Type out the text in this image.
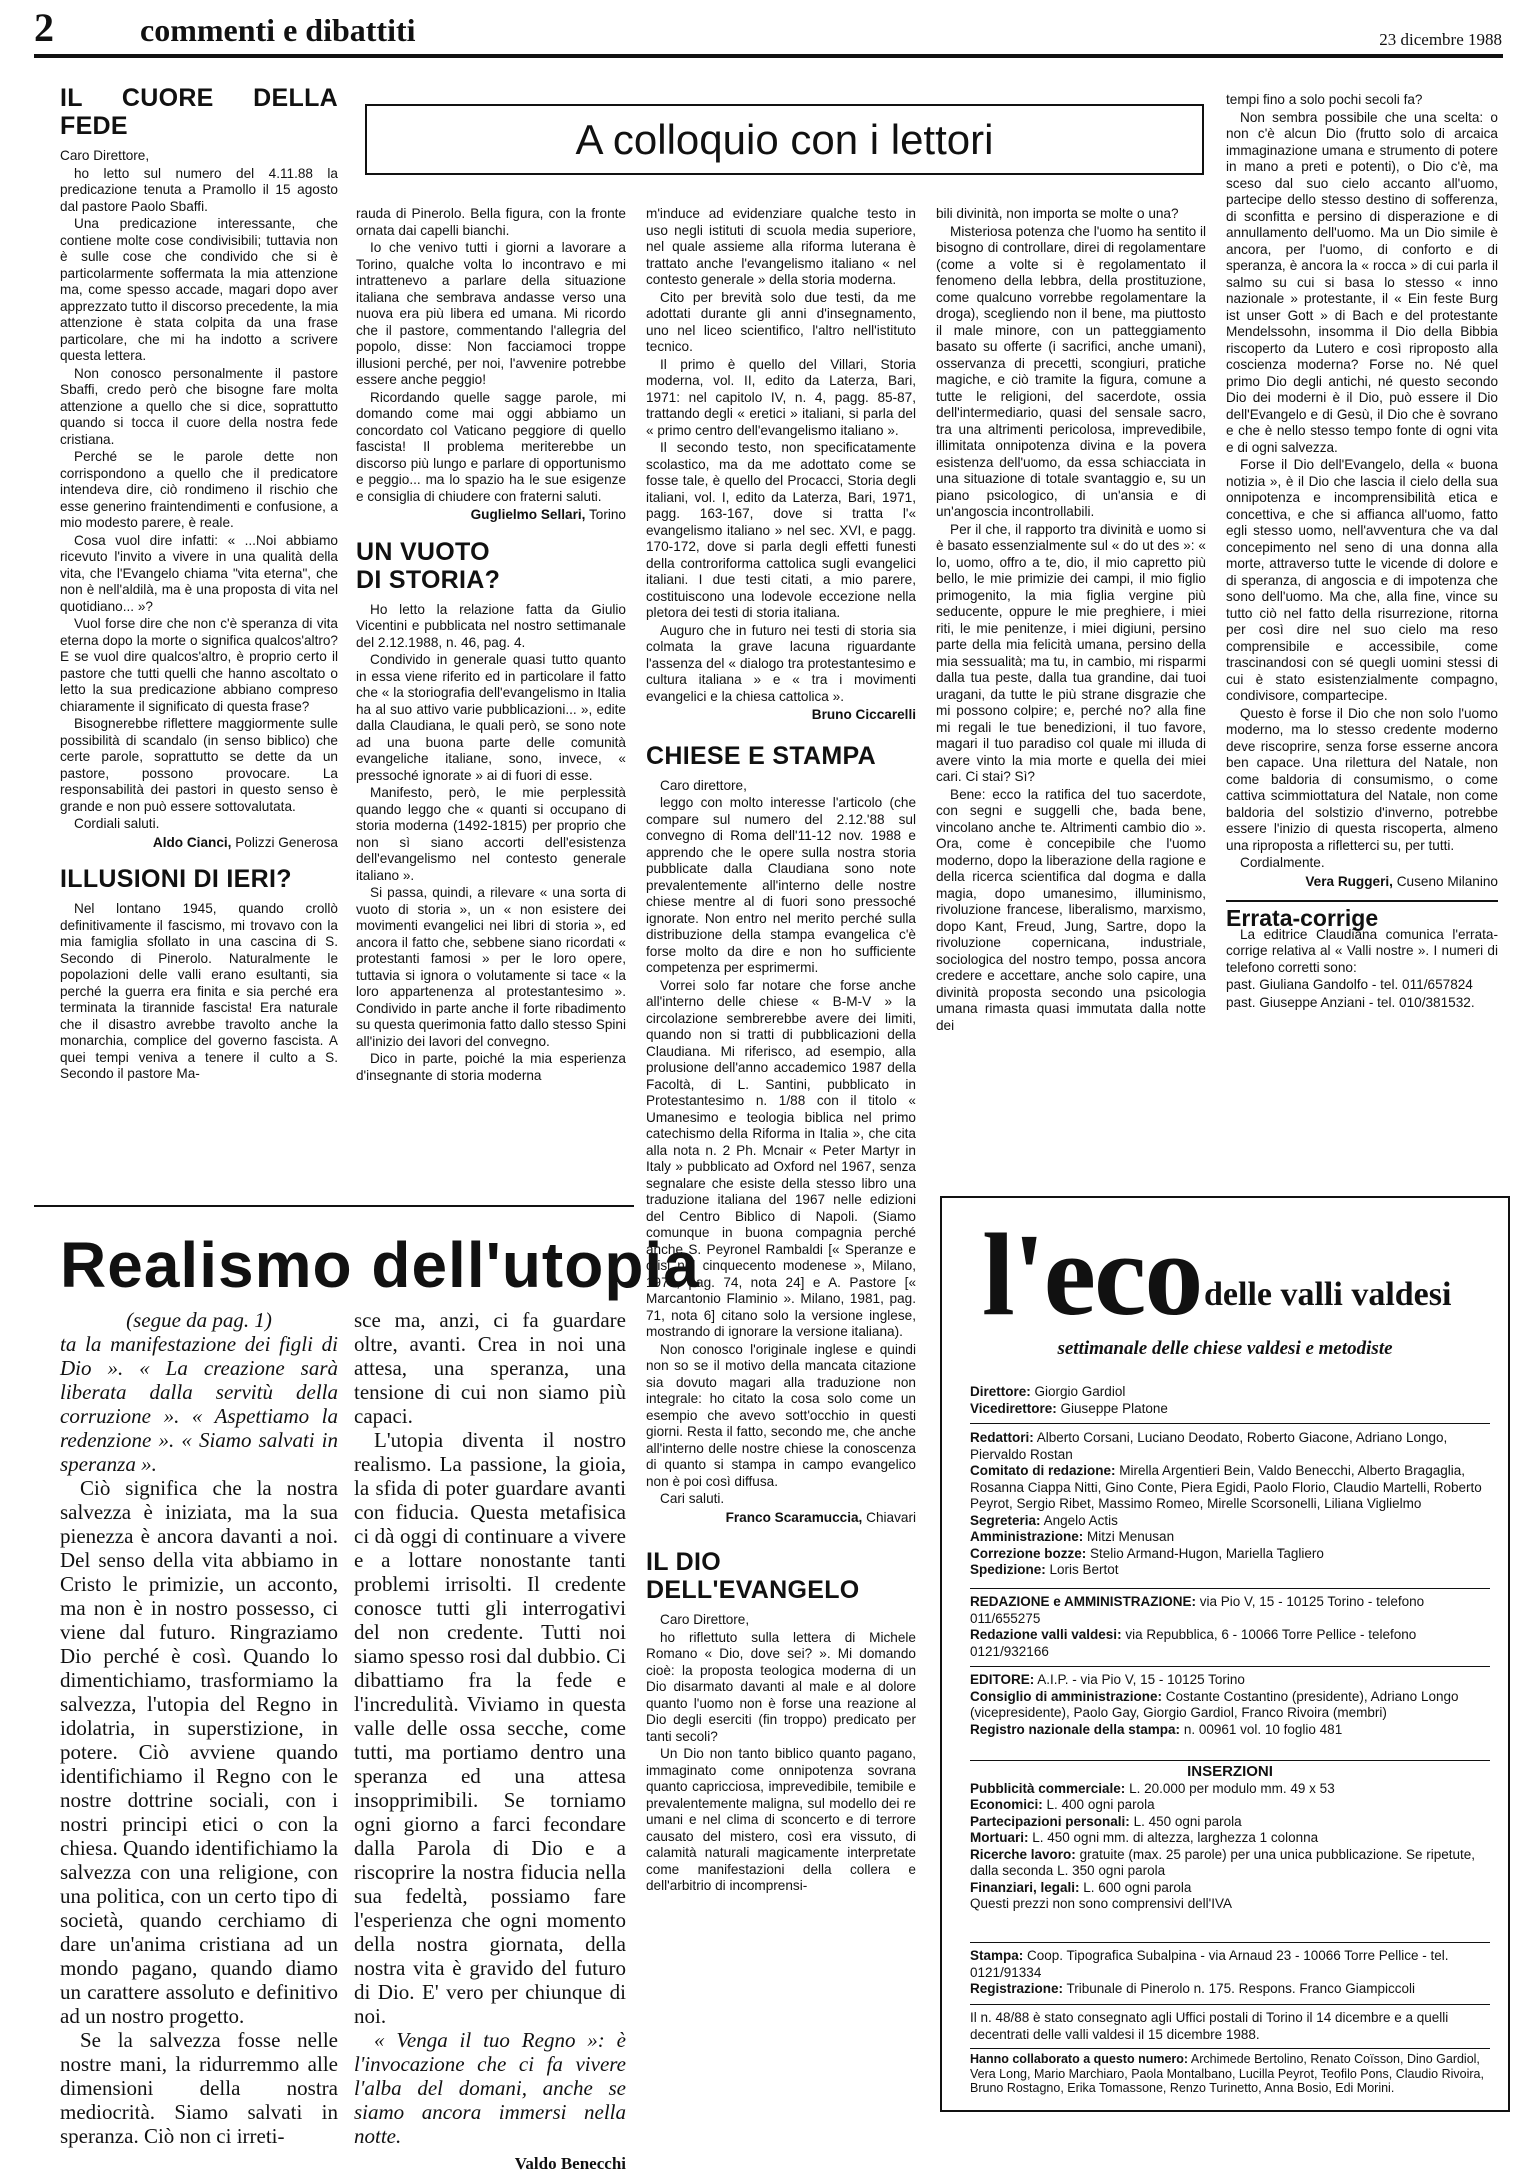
2	commenti e dibattiti	23 dicembre 1988
A colloquio con i lettori
IL CUORE DELLA FEDE

Caro Direttore,

ho letto sul numero del 4.11.88 la predicazione tenuta a Pramollo il 15 agosto dal pastore Paolo Sbaffi.

Una predicazione interessante, che contiene molte cose condivisibili; tuttavia non è sulle cose che condivido che si è particolarmente soffermata la mia attenzione ma, come spesso accade, magari dopo aver apprezzato tutto il discorso precedente, la mia attenzione è stata colpita da una frase particolare, che mi ha indotto a scrivere questa lettera.

Non conosco personalmente il pastore Sbaffi, credo però che bisogne fare molta attenzione a quello che si dice, soprattutto quando si tocca il cuore della nostra fede cristiana.

Perché se le parole dette non corrispondono a quello che il predicatore intendeva dire, ciò rondimeno il rischio che esse generino fraintendimenti e confusione, a mio modesto parere, è reale.

Cosa vuol dire infatti: « ...Noi abbiamo ricevuto l'invito a vivere in una qualità della vita, che l'Evangelo chiama "vita eterna", che non è nell'aldilà, ma è una proposta di vita nel quotidiano... »?

Vuol forse dire che non c'è speranza di vita eterna dopo la morte o significa qualcos'altro? E se vuol dire qualcos'altro, è proprio certo il pastore che tutti quelli che hanno ascoltato o letto la sua predicazione abbiano compreso chiaramente il significato di questa frase?

Bisognerebbe riflettere maggiormente sulle possibilità di scandalo (in senso biblico) che certe parole, soprattutto se dette da un pastore, possono provocare. La responsabilità dei pastori in questo senso è grande e non può essere sottovalutata.

Cordiali saluti.

Aldo Cianci, Polizzi Generosa

ILLUSIONI DI IERI?

Nel lontano 1945, quando crollò definitivamente il fascismo, mi trovavo con la mia famiglia sfollato in una cascina di S. Secondo di Pinerolo. Naturalmente le popolazioni delle valli erano esultanti, sia perché la guerra era finita e sia perché era terminata la tirannide fascista! Era naturale che il disastro avrebbe travolto anche la monarchia, complice del governo fascista. A quei tempi veniva a tenere il culto a S. Secondo il pastore Ma-

rauda di Pinerolo. Bella figura, con la fronte ornata dai capelli bianchi.

Io che venivo tutti i giorni a lavorare a Torino, qualche volta lo incontravo e mi intrattenevo a parlare della situazione italiana che sembrava andasse verso una nuova era più libera ed umana. Mi ricordo che il pastore, commentando l'allegria del popolo, disse: Non facciamoci troppe illusioni perché, per noi, l'avvenire potrebbe essere anche peggio!

Ricordando quelle sagge parole, mi domando come mai oggi abbiamo un concordato col Vaticano peggiore di quello fascista! Il problema meriterebbe un discorso più lungo e parlare di opportunismo e peggio... ma lo spazio ha le sue esigenze e consiglia di chiudere con fraterni saluti.

Guglielmo Sellari, Torino

UN VUOTO
DI STORIA?

Ho letto la relazione fatta da Giulio Vicentini e pubblicata nel nostro settimanale del 2.12.1988, n. 46, pag. 4.

Condivido in generale quasi tutto quanto in essa viene riferito ed in particolare il fatto che « la storiografia dell'evangelismo in Italia ha al suo attivo varie pubblicazioni... », edite dalla Claudiana, le quali però, se sono note ad una buona parte delle comunità evangeliche italiane, sono, invece, « pressoché ignorate » ai di fuori di esse.

Manifesto, però, le mie perplessità quando leggo che « quanti si occupano di storia moderna (1492-1815) per proprio che non sì siano accorti dell'esistenza dell'evangelismo nel contesto generale italiano ».

Si passa, quindi, a rilevare « una sorta di vuoto di storia », un « non esistere dei movimenti evangelici nei libri di storia », ed ancora il fatto che, sebbene siano ricordati « protestanti famosi » per le loro opere, tuttavia si ignora o volutamente si tace « la loro appartenenza al protestantesimo ». Condivido in parte anche il forte ribadimento su questa querimonia fatto dallo stesso Spini all'inizio dei lavori del convegno.

Dico in parte, poiché la mia esperienza d'insegnante di storia moderna

m'induce ad evidenziare qualche testo in uso negli istituti di scuola media superiore, nel quale assieme alla riforma luterana è trattato anche l'evangelismo italiano « nel contesto generale » della storia moderna.

Cito per brevità solo due testi, da me adottati durante gli anni d'insegnamento, uno nel liceo scientifico, l'altro nell'istituto tecnico.

Il primo è quello del Villari, Storia moderna, vol. II, edito da Laterza, Bari, 1971: nel capitolo IV, n. 4, pagg. 85-87, trattando degli « eretici » italiani, si parla del « primo centro dell'evangelismo italiano ».

Il secondo testo, non specificatamente scolastico, ma da me adottato come se fosse tale, è quello del Procacci, Storia degli italiani, vol. I, edito da Laterza, Bari, 1971, pagg. 163-167, dove si tratta l'« evangelismo italiano » nel sec. XVI, e pagg. 170-172, dove si parla degli effetti funesti della controriforma cattolica sugli evangelici italiani. I due testi citati, a mio parere, costituiscono una lodevole eccezione nella pletora dei testi di storia italiana.

Auguro che in futuro nei testi di storia sia colmata la grave lacuna riguardante l'assenza del « dialogo tra protestantesimo e cultura italiana » e « tra i movimenti evangelici e la chiesa cattolica ».

Bruno Ciccarelli

CHIESE E STAMPA

Caro direttore,

leggo con molto interesse l'articolo (che compare sul numero del 2.12.'88 sul convegno di Roma dell'11-12 nov. 1988 e apprendo che le opere sulla nostra storia pubblicate dalla Claudiana sono note prevalentemente all'interno delle nostre chiese mentre al di fuori sono pressoché ignorate. Non entro nel merito perché sulla distribuzione della stampa evangelica c'è forse molto da dire e non ho sufficiente competenza per esprimermi.

Vorrei solo far notare che forse anche all'interno delle chiese « B-M-V » la circolazione sembrerebbe avere dei limiti, quando non si tratti di pubblicazioni della Claudiana. Mi riferisco, ad esempio, alla prolusione dell'anno accademico 1987 della Facoltà, di L. Santini, pubblicato in Protestantesimo n. 1/88 con il titolo « Umanesimo e teologia biblica nel primo catechismo della Riforma in Italia », che cita alla nota n. 2 Ph. Mcnair « Peter Martyr in Italy » pubblicato ad Oxford nel 1967, senza segnalare che esiste della stesso libro una traduzione italiana del 1967 nelle edizioni del Centro Biblico di Napoli. (Siamo comunque in buona compagnia perché anche S. Peyronel Rambaldi [« Speranze e crisi nel cinquecento modenese », Milano, 1979, pag. 74, nota 24] e A. Pastore [« Marcantonio Flaminio ». Milano, 1981, pag. 71, nota 6] citano solo la versione inglese, mostrando di ignorare la versione italiana).

Non conosco l'originale inglese e quindi non so se il motivo della mancata citazione sia dovuto magari alla traduzione non integrale: ho citato la cosa solo come un esempio che avevo sott'occhio in questi giorni. Resta il fatto, secondo me, che anche all'interno delle nostre chiese la conoscenza di quanto si stampa in campo evangelico non è poi così diffusa.

Cari saluti.

Franco Scaramuccia, Chiavari

IL DIO
DELL'EVANGELO

Caro Direttore,

ho riflettuto sulla lettera di Michele Romano « Dio, dove sei? ». Mi domando cioè: la proposta teologica moderna di un Dio disarmato davanti al male e al dolore quanto l'uomo non è forse una reazione al Dio degli eserciti (fin troppo) predicato per tanti secoli?

Un Dio non tanto biblico quanto pagano, immaginato come onnipotenza sovrana quanto capricciosa, imprevedibile, temibile e prevalentemente maligna, sul modello dei re umani e nel clima di sconcerto e di terrore causato del mistero, così era vissuto, di calamità naturali magicamente interpretate come manifestazioni della collera e dell'arbitrio di incomprensi-

bili divinità, non importa se molte o una?

Misteriosa potenza che l'uomo ha sentito il bisogno di controllare, direi di regolamentare (come a volte si è regolamentato il fenomeno della lebbra, della prostituzione, come qualcuno vorrebbe regolamentare la droga), scegliendo non il bene, ma piuttosto il male minore, con un patteggiamento basato su offerte (i sacrifici, anche umani), osservanza di precetti, scongiuri, pratiche magiche, e ciò tramite la figura, comune a tutte le religioni, del sacerdote, ossia dell'intermediario, quasi del sensale sacro, tra una altrimenti pericolosa, imprevedibile, illimitata onnipotenza divina e la povera esistenza dell'uomo, da essa schiacciata in una situazione di totale svantaggio e, su un piano psicologico, di un'ansia e di un'angoscia incontrollabili.

Per il che, il rapporto tra divinità e uomo si è basato essenzialmente sul « do ut des »: « lo, uomo, offro a te, dio, il mio capretto più bello, le mie primizie dei campi, il mio figlio primogenito, la mia figlia vergine più seducente, oppure le mie preghiere, i miei riti, le mie penitenze, i miei digiuni, persino parte della mia felicità umana, persino della mia sessualità; ma tu, in cambio, mi risparmi dalla tua peste, dalla tua grandine, dai tuoi uragani, da tutte le più strane disgrazie che mi possono colpire; e, perché no? alla fine mi regali le tue benedizioni, il tuo favore, magari il tuo paradiso col quale mi illuda di avere vinto la mia morte e quella dei miei cari. Ci stai? Sì?

Bene: ecco la ratifica del tuo sacerdote, con segni e suggelli che, bada bene, vincolano anche te. Altrimenti cambio dio ». Ora, come è concepibile che l'uomo moderno, dopo la liberazione della ragione e della ricerca scientifica dal dogma e dalla magia, dopo umanesimo, illuminismo, rivoluzione francese, liberalismo, marxismo, dopo Kant, Freud, Jung, Sartre, dopo la rivoluzione copernicana, industriale, sociologica del nostro tempo, possa ancora credere e accettare, anche solo capire, una divinità proposta secondo una psicologia umana rimasta quasi immutata dalla notte dei

tempi fino a solo pochi secoli fa?

Non sembra possibile che una scelta: o non c'è alcun Dio (frutto solo di arcaica immaginazione umana e strumento di potere in mano a preti e potenti), o Dio c'è, ma sceso dal suo cielo accanto all'uomo, partecipe dello stesso destino di sofferenza, di sconfitta e persino di disperazione e di annullamento dell'uomo. Ma un Dio simile è ancora, per l'uomo, di conforto e di speranza, è ancora la « rocca » di cui parla il salmo su cui si basa lo stesso « inno nazionale » protestante, il « Ein feste Burg ist unser Gott » di Bach e del protestante Mendelssohn, insomma il Dio della Bibbia riscoperto da Lutero e così riproposto alla coscienza moderna? Forse no. Né quel primo Dio degli antichi, né questo secondo Dio dei moderni è il Dio, può essere il Dio dell'Evangelo e di Gesù, il Dio che è sovrano e che è nello stesso tempo fonte di ogni vita e di ogni salvezza.

Forse il Dio dell'Evangelo, della « buona notizia », è il Dio che lascia il cielo della sua onnipotenza e incomprensibilità etica e concettiva, e che si affianca all'uomo, fatto egli stesso uomo, nell'avventura che va dal concepimento nel seno di una donna alla morte, attraverso tutte le vicende di dolore e di speranza, di angoscia e di impotenza che sono dell'uomo. Ma che, alla fine, vince su tutto ciò nel fatto della risurrezione, ritorna per così dire nel suo cielo ma reso comprensibile e accessibile, come trascinandosi con sé quegli uomini stessi di cui è stato esistenzialmente compagno, condivisore, compartecipe.

Questo è forse il Dio che non solo l'uomo moderno, ma lo stesso credente moderno deve riscoprire, senza forse esserne ancora ben capace. Una rilettura del Natale, non come baldoria di consumismo, o come cattiva scimmiottatura del Natale, non come baldoria del solstizio d'inverno, potrebbe essere l'inizio di questa riscoperta, almeno una riproposta a rifletterci su, per tutti.

Cordialmente.

Vera Ruggeri, Cuseno Milanino

Errata-corrige

La editrice Claudiana comunica l'errata-corrige relativa al « Valli nostre ». I numeri di telefono corretti sono:

past. Giuliana Gandolfo - tel. 011/657824

past. Giuseppe Anziani - tel. 010/381532.

Realismo dell'utopia

(segue da pag. 1)

ta la manifestazione dei figli di Dio ». « La creazione sarà liberata dalla servitù della corruzione ». « Aspettiamo la redenzione ». « Siamo salvati in speranza ».

Ciò significa che la nostra salvezza è iniziata, ma la sua pienezza è ancora davanti a noi. Del senso della vita abbiamo in Cristo le primizie, un acconto, ma non è in nostro possesso, ci viene dal futuro. Ringraziamo Dio perché è così. Quando lo dimentichiamo, trasformiamo la salvezza, l'utopia del Regno in idolatria, in superstizione, in potere. Ciò avviene quando identifichiamo il Regno con le nostre dottrine sociali, con i nostri principi etici o con la chiesa. Quando identifichiamo la salvezza con una religione, con una politica, con un certo tipo di società, quando cerchiamo di dare un'anima cristiana ad un mondo pagano, quando diamo un carattere assoluto e definitivo ad un nostro progetto.

Se la salvezza fosse nelle nostre mani, la ridurremmo alle dimensioni della nostra mediocrità. Siamo salvati in speranza. Ciò non ci irreti-

sce ma, anzi, ci fa guardare oltre, avanti. Crea in noi una attesa, una speranza, una tensione di cui non siamo più capaci.

L'utopia diventa il nostro realismo. La passione, la gioia, la sfida di poter guardare avanti con fiducia. Questa metafisica ci dà oggi di continuare a vivere e a lottare nonostante tanti problemi irrisolti. Il credente conosce tutti gli interrogativi del non credente. Tutti noi siamo spesso rosi dal dubbio. Ci dibattiamo fra la fede e l'incredulità. Viviamo in questa valle delle ossa secche, come tutti, ma portiamo dentro una speranza ed una attesa insopprimibili. Se torniamo ogni giorno a farci fecondare dalla Parola di Dio e a riscoprire la nostra fiducia nella sua fedeltà, possiamo fare l'esperienza che ogni momento della nostra giornata, della nostra vita è gravido del futuro di Dio. E' vero per chiunque di noi.

« Venga il tuo Regno »: è l'invocazione che ci fa vivere l'alba del domani, anche se siamo ancora immersi nella notte.

Valdo Benecchi

l'eco delle valli valdesi
settimanale delle chiese valdesi e metodiste
Direttore: Giorgio Gardiol
Vicedirettore: Giuseppe Platone
Redattori: Alberto Corsani, Luciano Deodato, Roberto Giacone, Adriano Longo, Piervaldo Rostan
Comitato di redazione: Mirella Argentieri Bein, Valdo Benecchi, Alberto Bragaglia, Rosanna Ciappa Nitti, Gino Conte, Piera Egidi, Paolo Florio, Claudio Martelli, Roberto Peyrot, Sergio Ribet, Massimo Romeo, Mirelle Scorsonelli, Liliana Viglielmo
Segreteria: Angelo Actis
Amministrazione: Mitzi Menusan
Correzione bozze: Stelio Armand-Hugon, Mariella Tagliero
Spedizione: Loris Bertot
REDAZIONE e AMMINISTRAZIONE: via Pio V, 15 - 10125 Torino - telefono 011/655275
Redazione valli valdesi: via Repubblica, 6 - 10066 Torre Pellice - telefono 0121/932166
EDITORE: A.I.P. - via Pio V, 15 - 10125 Torino
Consiglio di amministrazione: Costante Costantino (presidente), Adriano Longo (vicepresidente), Paolo Gay, Giorgio Gardiol, Franco Rivoira (membri)
Registro nazionale della stampa: n. 00961 vol. 10 foglio 481
INSERZIONI
Pubblicità commerciale: L. 20.000 per modulo mm. 49 x 53
Economici: L. 400 ogni parola
Partecipazioni personali: L. 450 ogni parola
Mortuari: L. 450 ogni mm. di altezza, larghezza 1 colonna
Ricerche lavoro: gratuite (max. 25 parole) per una unica pubblicazione. Se ripetute, dalla seconda L. 350 ogni parola
Finanziari, legali: L. 600 ogni parola
Questi prezzi non sono comprensivi dell'IVA
Stampa: Coop. Tipografica Subalpina - via Arnaud 23 - 10066 Torre Pellice - tel. 0121/91334
Registrazione: Tribunale di Pinerolo n. 175. Respons. Franco Giampiccoli
Il n. 48/88 è stato consegnato agli Uffici postali di Torino il 14 dicembre e a quelli decentrati delle valli valdesi il 15 dicembre 1988.
Hanno collaborato a questo numero: Archimede Bertolino, Renato Coïsson, Dino Gardiol, Vera Long, Mario Marchiaro, Paola Montalbano, Lucilla Peyrot, Teofilo Pons, Claudio Rivoira, Bruno Rostagno, Erika Tomassone, Renzo Turinetto, Anna Bosio, Edi Morini.
